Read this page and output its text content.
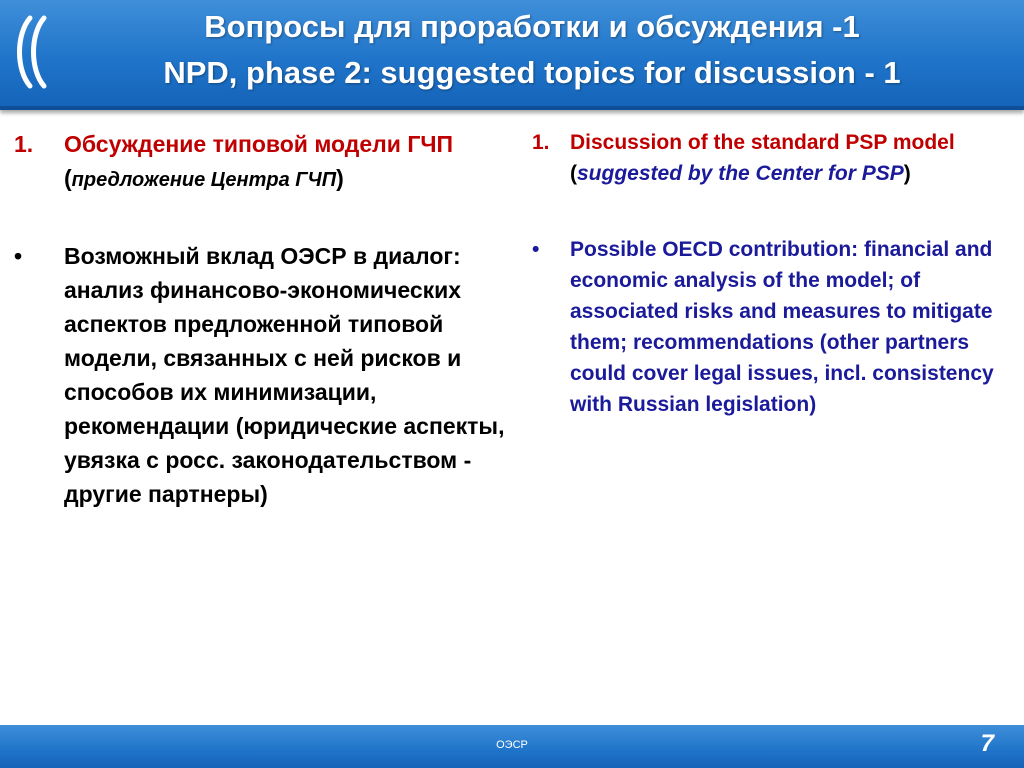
Вопросы для проработки и обсуждения -1
NPD, phase 2: suggested topics for discussion - 1
1.	Обсуждение типовой модели ГЧП (предложение Центра ГЧП)
•	Возможный вклад ОЭСР в диалог: анализ финансово-экономических аспектов предложенной типовой модели, связанных с ней рисков и способов их минимизации, рекомендации (юридические аспекты, увязка с росс. законодательством - другие партнеры)
1. Discussion of the standard PSP model (suggested by the Center for PSP)
•	Possible OECD contribution: financial and economic analysis of the model; of associated risks and measures to mitigate them; recommendations (other partners could cover legal issues, incl. consistency with Russian legislation)
ОЭСР	7
